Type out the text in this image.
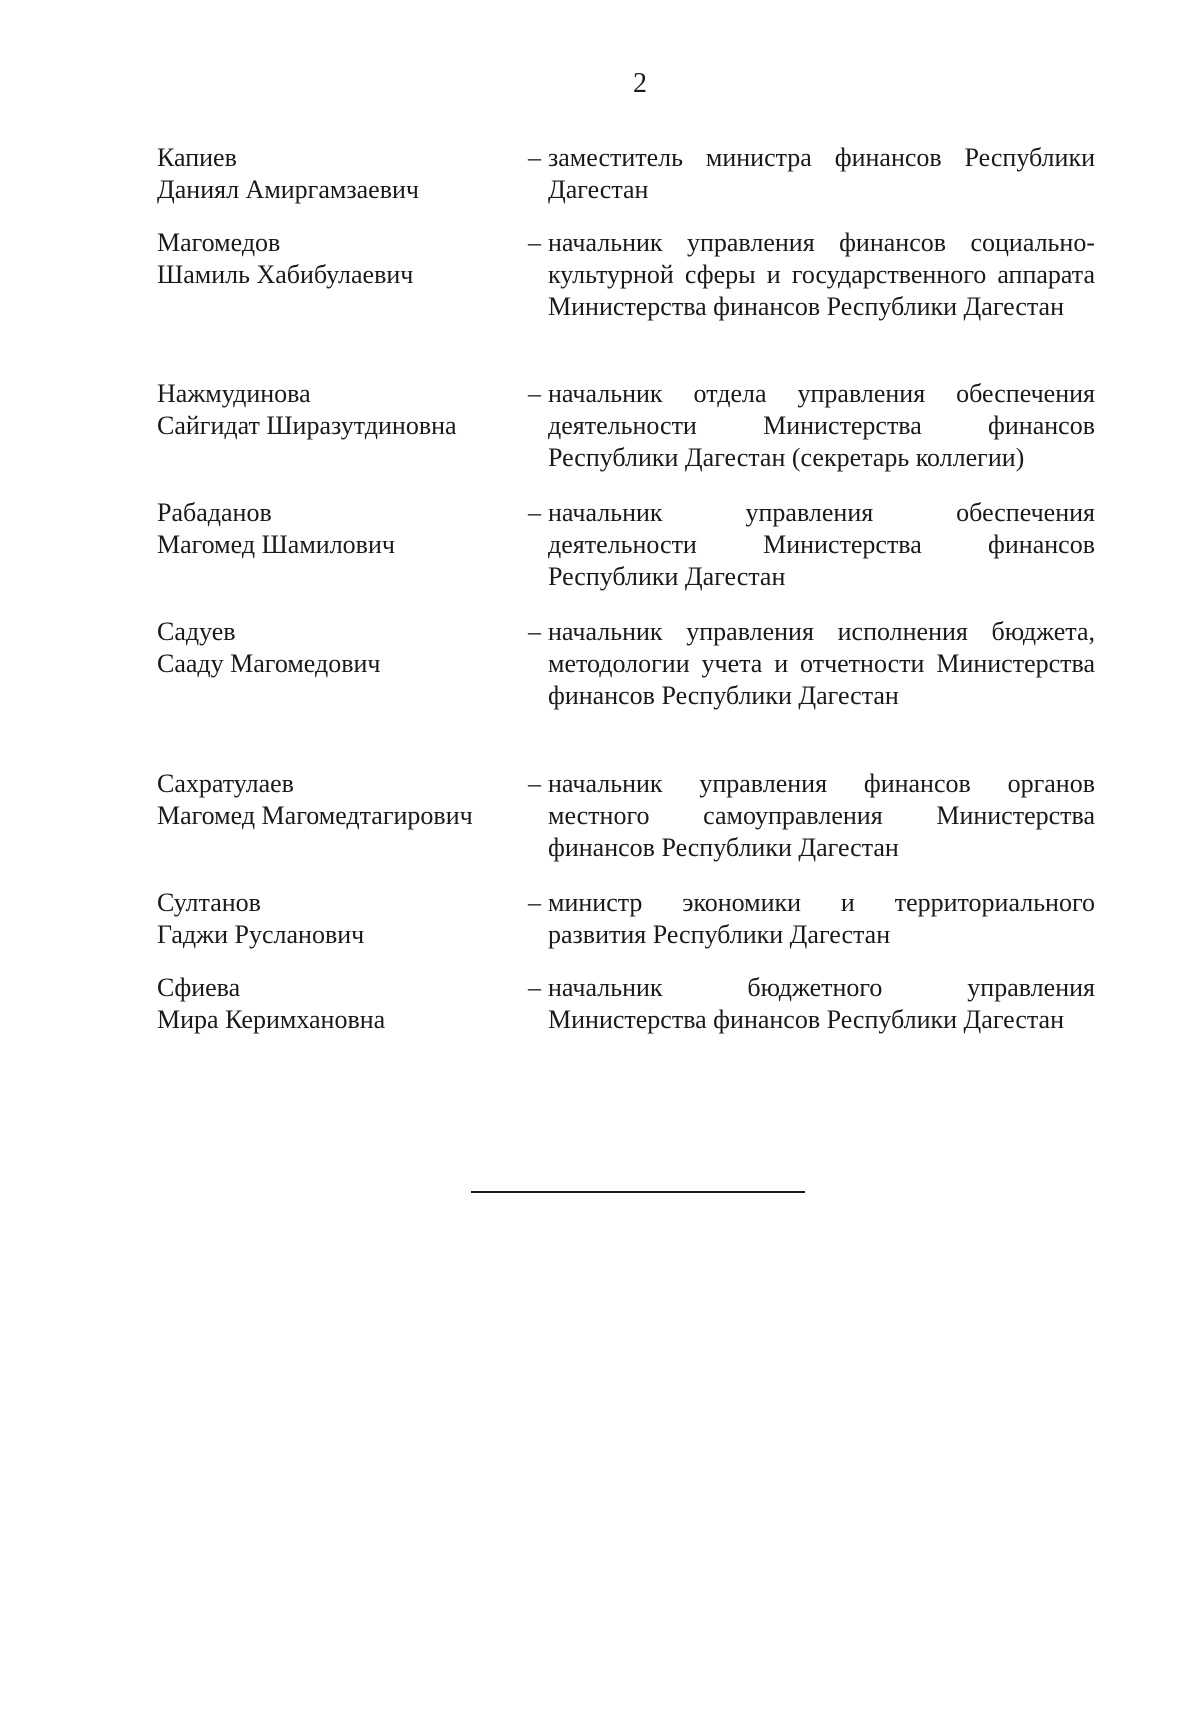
2
Капиев
Даниял Амиргамзаевич
– заместитель министра финансов Республики Дагестан
Магомедов
Шамиль Хабибулаевич
– начальник управления финансов социально-культурной сферы и государственного аппарата Министерства финансов Республики Дагестан
Нажмудинова
Сайгидат Ширазутдиновна
– начальник отдела управления обеспечения деятельности Министерства финансов Республики Дагестан (секретарь коллегии)
Рабаданов
Магомед Шамилович
– начальник управления обеспечения деятельности Министерства финансов Республики Дагестан
Садуев
Сааду Магомедович
– начальник управления исполнения бюджета, методологии учета и отчетности Министерства финансов Республики Дагестан
Сахратулаев
Магомед Магомедтагирович
– начальник управления финансов органов местного самоуправления Министерства финансов Республики Дагестан
Султанов
Гаджи Русланович
– министр экономики и территориального развития Республики Дагестан
Сфиева
Мира Керимхановна
– начальник бюджетного управления Министерства финансов Республики Дагестан
